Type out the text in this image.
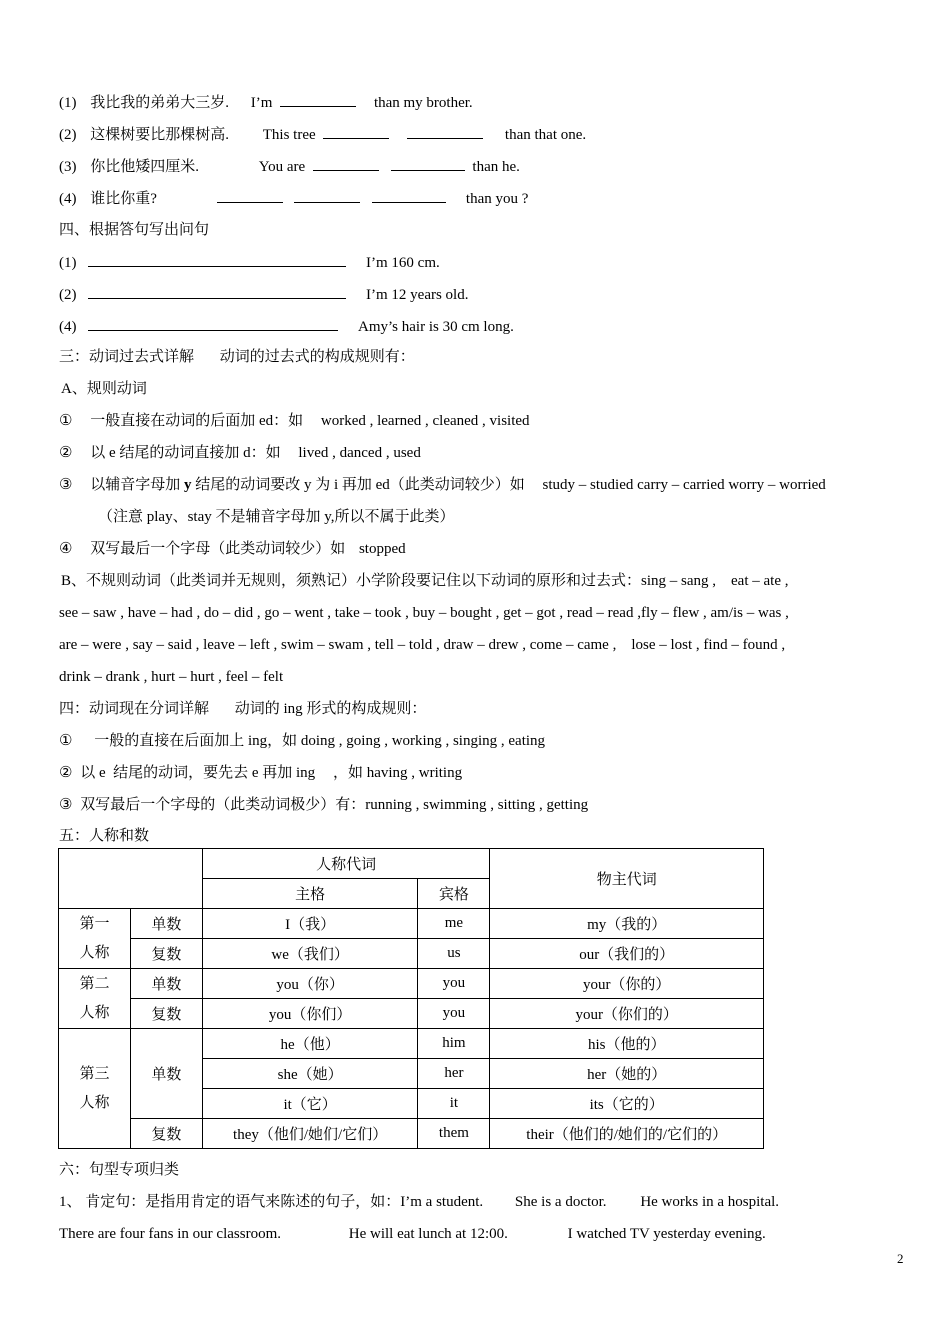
(1) 我比我的弟弟大三岁. I’m	than my brother.
(2) 这棵树要比那棵树高. This tree	than that one.
(3) 你比他矮四厘米.	You are	than he.
(4) 谁比你重?	than you ?
四、根据答句写出问句
(1)	I’m 160 cm.
(2)	I’m 12 years old.
(4)	Amy’s hair is 30 cm long.
三：动词过去式详解 动词的过去式的构成规则有：
A、规则动词
① 一般直接在动词的后面加 ed：如 worked , learned , cleaned , visited
② 以 e 结尾的动词直接加 d：如 lived , danced , used
③ 以辅音字母加 y 结尾的动词要改 y 为 i 再加 ed（此类动词较少）如 study – studied carry – carried worry – worried
（注意 play、stay 不是辅音字母加 y,所以不属于此类）
④ 双写最后一个字母（此类动词较少）如 stopped
B、不规则动词（此类词并无规则，须熟记）小学阶段要记住以下动词的原形和过去式：sing – sang ,    eat – ate ,
see – saw , have – had , do – did , go – went , take – took , buy – bought , get – got , read – read ,fly – flew , am/is – was ,
are – were , say – said , leave – left , swim – swam , tell – told , draw – drew , come – came ,    lose – lost , find – found ,
drink – drank , hurt – hurt , feel – felt
四：动词现在分词详解 动词的 ing 形式的构成规则：
① 一般的直接在后面加上 ing，如 doing , going , working , singing , eating
② 以 e  结尾的动词，要先去 e 再加 ing ，如 having , writing
③ 双写最后一个字母的（此类动词极少）有：running , swimming , sitting , getting
五：人称和数
		人称代词		物主代词
		主格	宾格	
第一
人称	单数	I（我）	me	my（我的）
	复数	we（我们）	us	our（我们的）
第二
人称	单数	you（你）	you	your（你的）
	复数	you（你们）	you	your（你们的）
第三
人称	单数	he（他）	him	his（他的）
		she（她）	her	her（她的）
		it（它）	it	its（它的）
	复数	they（他们/她们/它们）	them	their（他们的/她们的/它们的）
六：句型专项归类
1、 肯定句：是指用肯定的语气来陈述的句子，如：I’m a student. She is a doctor. He works in a hospital.
There are four fans in our classroom.	He will eat lunch at 12:00.	I watched TV yesterday evening.
2
